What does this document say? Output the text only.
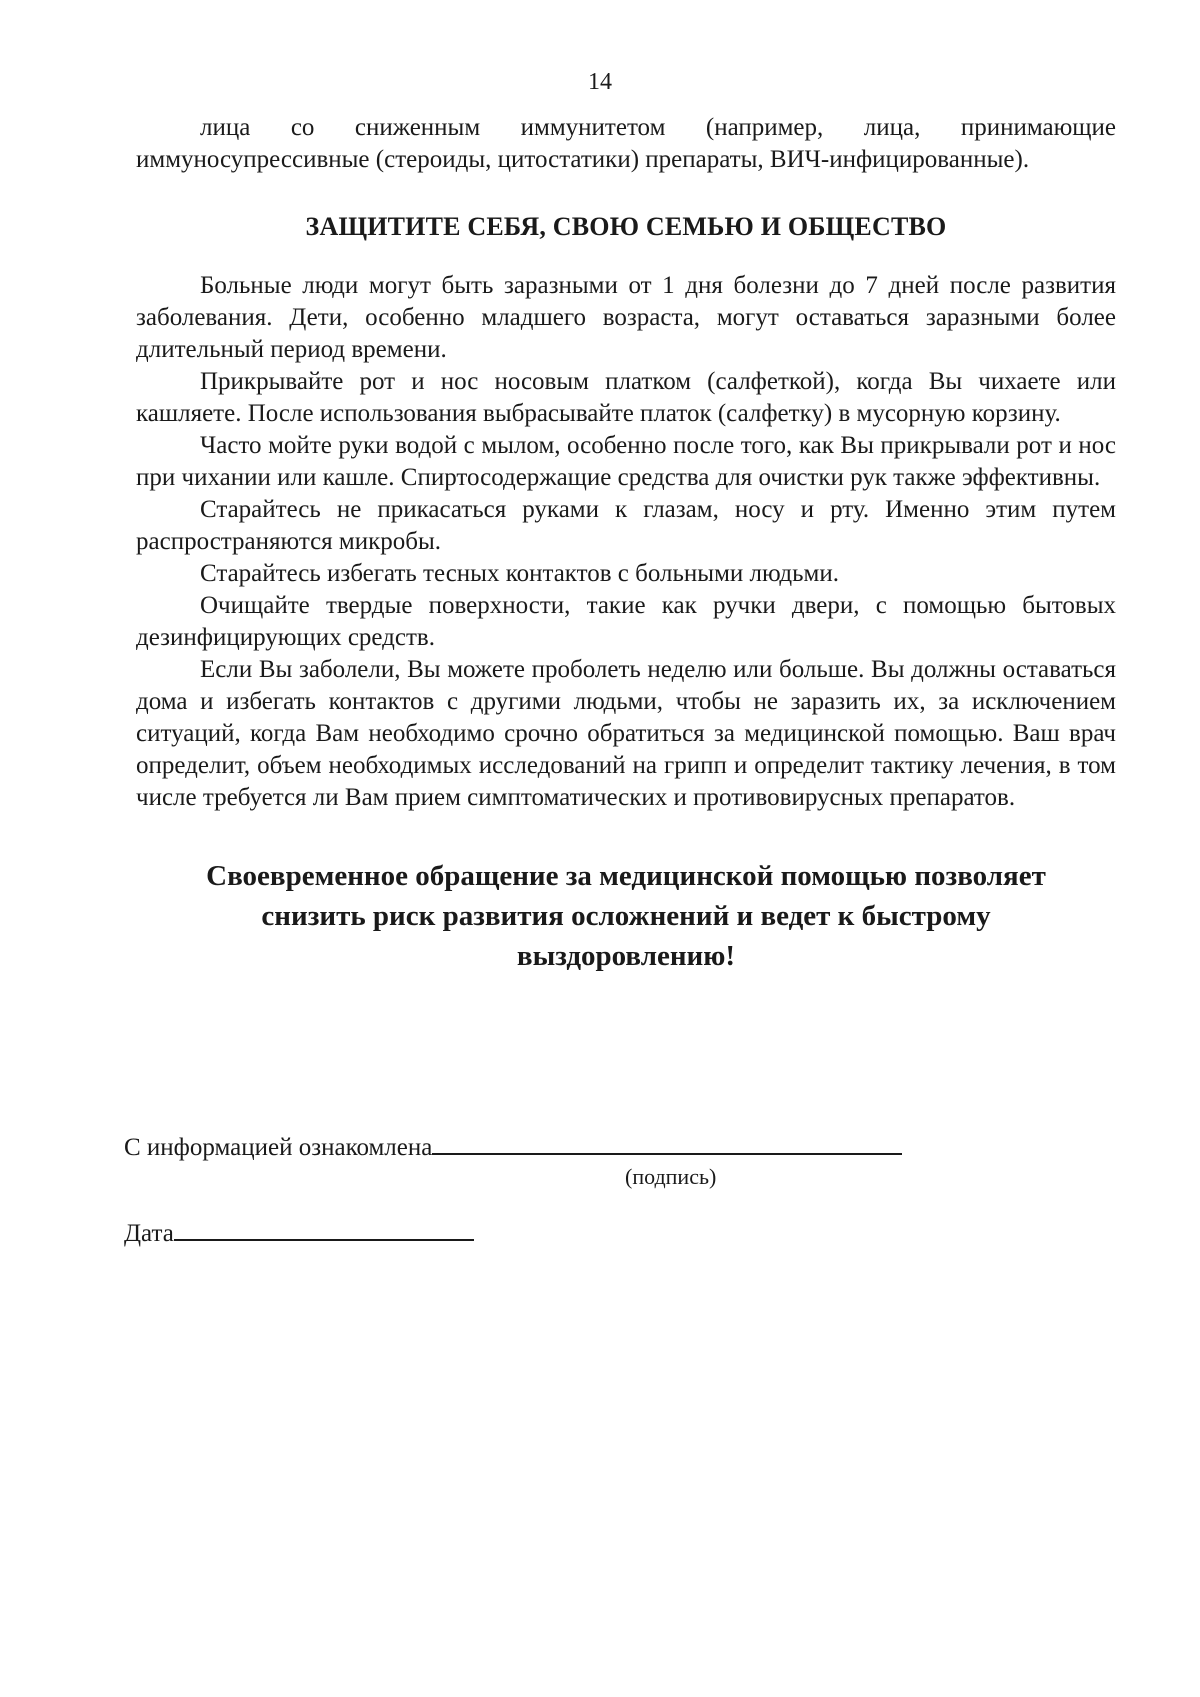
14

лица со сниженным иммунитетом (например, лица, принимающие иммуносупрессивные (стероиды, цитостатики) препараты, ВИЧ-инфицированные).

ЗАЩИТИТЕ СЕБЯ, СВОЮ СЕМЬЮ И ОБЩЕСТВО

Больные люди могут быть заразными от 1 дня болезни до 7 дней после развития заболевания. Дети, особенно младшего возраста, могут оставаться заразными более длительный период времени.

Прикрывайте рот и нос носовым платком (салфеткой), когда Вы чихаете или кашляете. После использования выбрасывайте платок (салфетку) в мусорную корзину.

Часто мойте руки водой с мылом, особенно после того, как Вы прикрывали рот и нос при чихании или кашле. Спиртосодержащие средства для очистки рук также эффективны.

Старайтесь не прикасаться руками к глазам, носу и рту. Именно этим путем распространяются микробы.

Старайтесь избегать тесных контактов с больными людьми.

Очищайте твердые поверхности, такие как ручки двери, с помощью бытовых дезинфицирующих средств.

Если Вы заболели, Вы можете проболеть неделю или больше. Вы должны оставаться дома и избегать контактов с другими людьми, чтобы не заразить их, за исключением ситуаций, когда Вам необходимо срочно обратиться за медицинской помощью. Ваш врач определит, объем необходимых исследований на грипп и определит тактику лечения, в том числе требуется ли Вам прием симптоматических и противовирусных препаратов.

Своевременное обращение за медицинской помощью позволяет снизить риск развития осложнений и ведет к быстрому выздоровлению!

С информацией ознакомлена
(подпись)
Дата
